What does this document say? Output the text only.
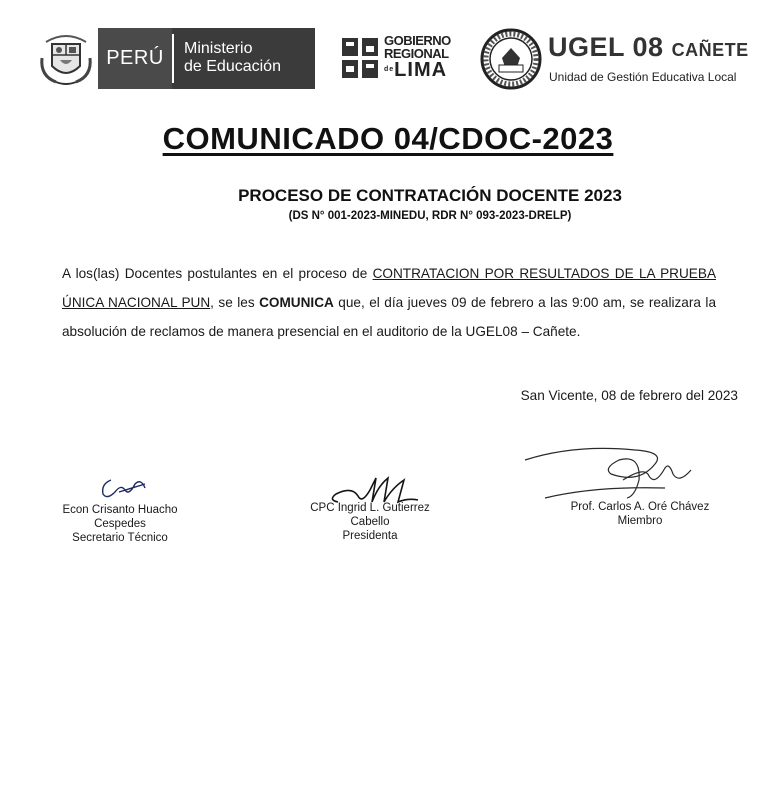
PERÚ Ministerio
de Educación
GOBIERNO
REGIONAL
$^{de}$LIMA
UGEL 08 CAÑETE
Unidad de Gestión Educativa Local
COMUNICADO 04/CDOC-2023
PROCESO DE CONTRATACIÓN DOCENTE 2023
(DS N° 001-2023-MINEDU, RDR N° 093-2023-DRELP)
A los(las) Docentes postulantes en el proceso de CONTRATACION POR RESULTADOS DE LA PRUEBA ÚNICA NACIONAL PUN, se les COMUNICA que, el día jueves 09 de febrero a las 9:00 am, se realizara la absolución de reclamos de manera presencial en el auditorio de la UGEL08 – Cañete.
San Vicente, 08 de febrero del 2023
Econ Crisanto Huacho Cespedes
Secretario Técnico
CPC Ingrid L. Gutierrez Cabello
Presidenta
Prof. Carlos A. Oré Chávez
Miembro
